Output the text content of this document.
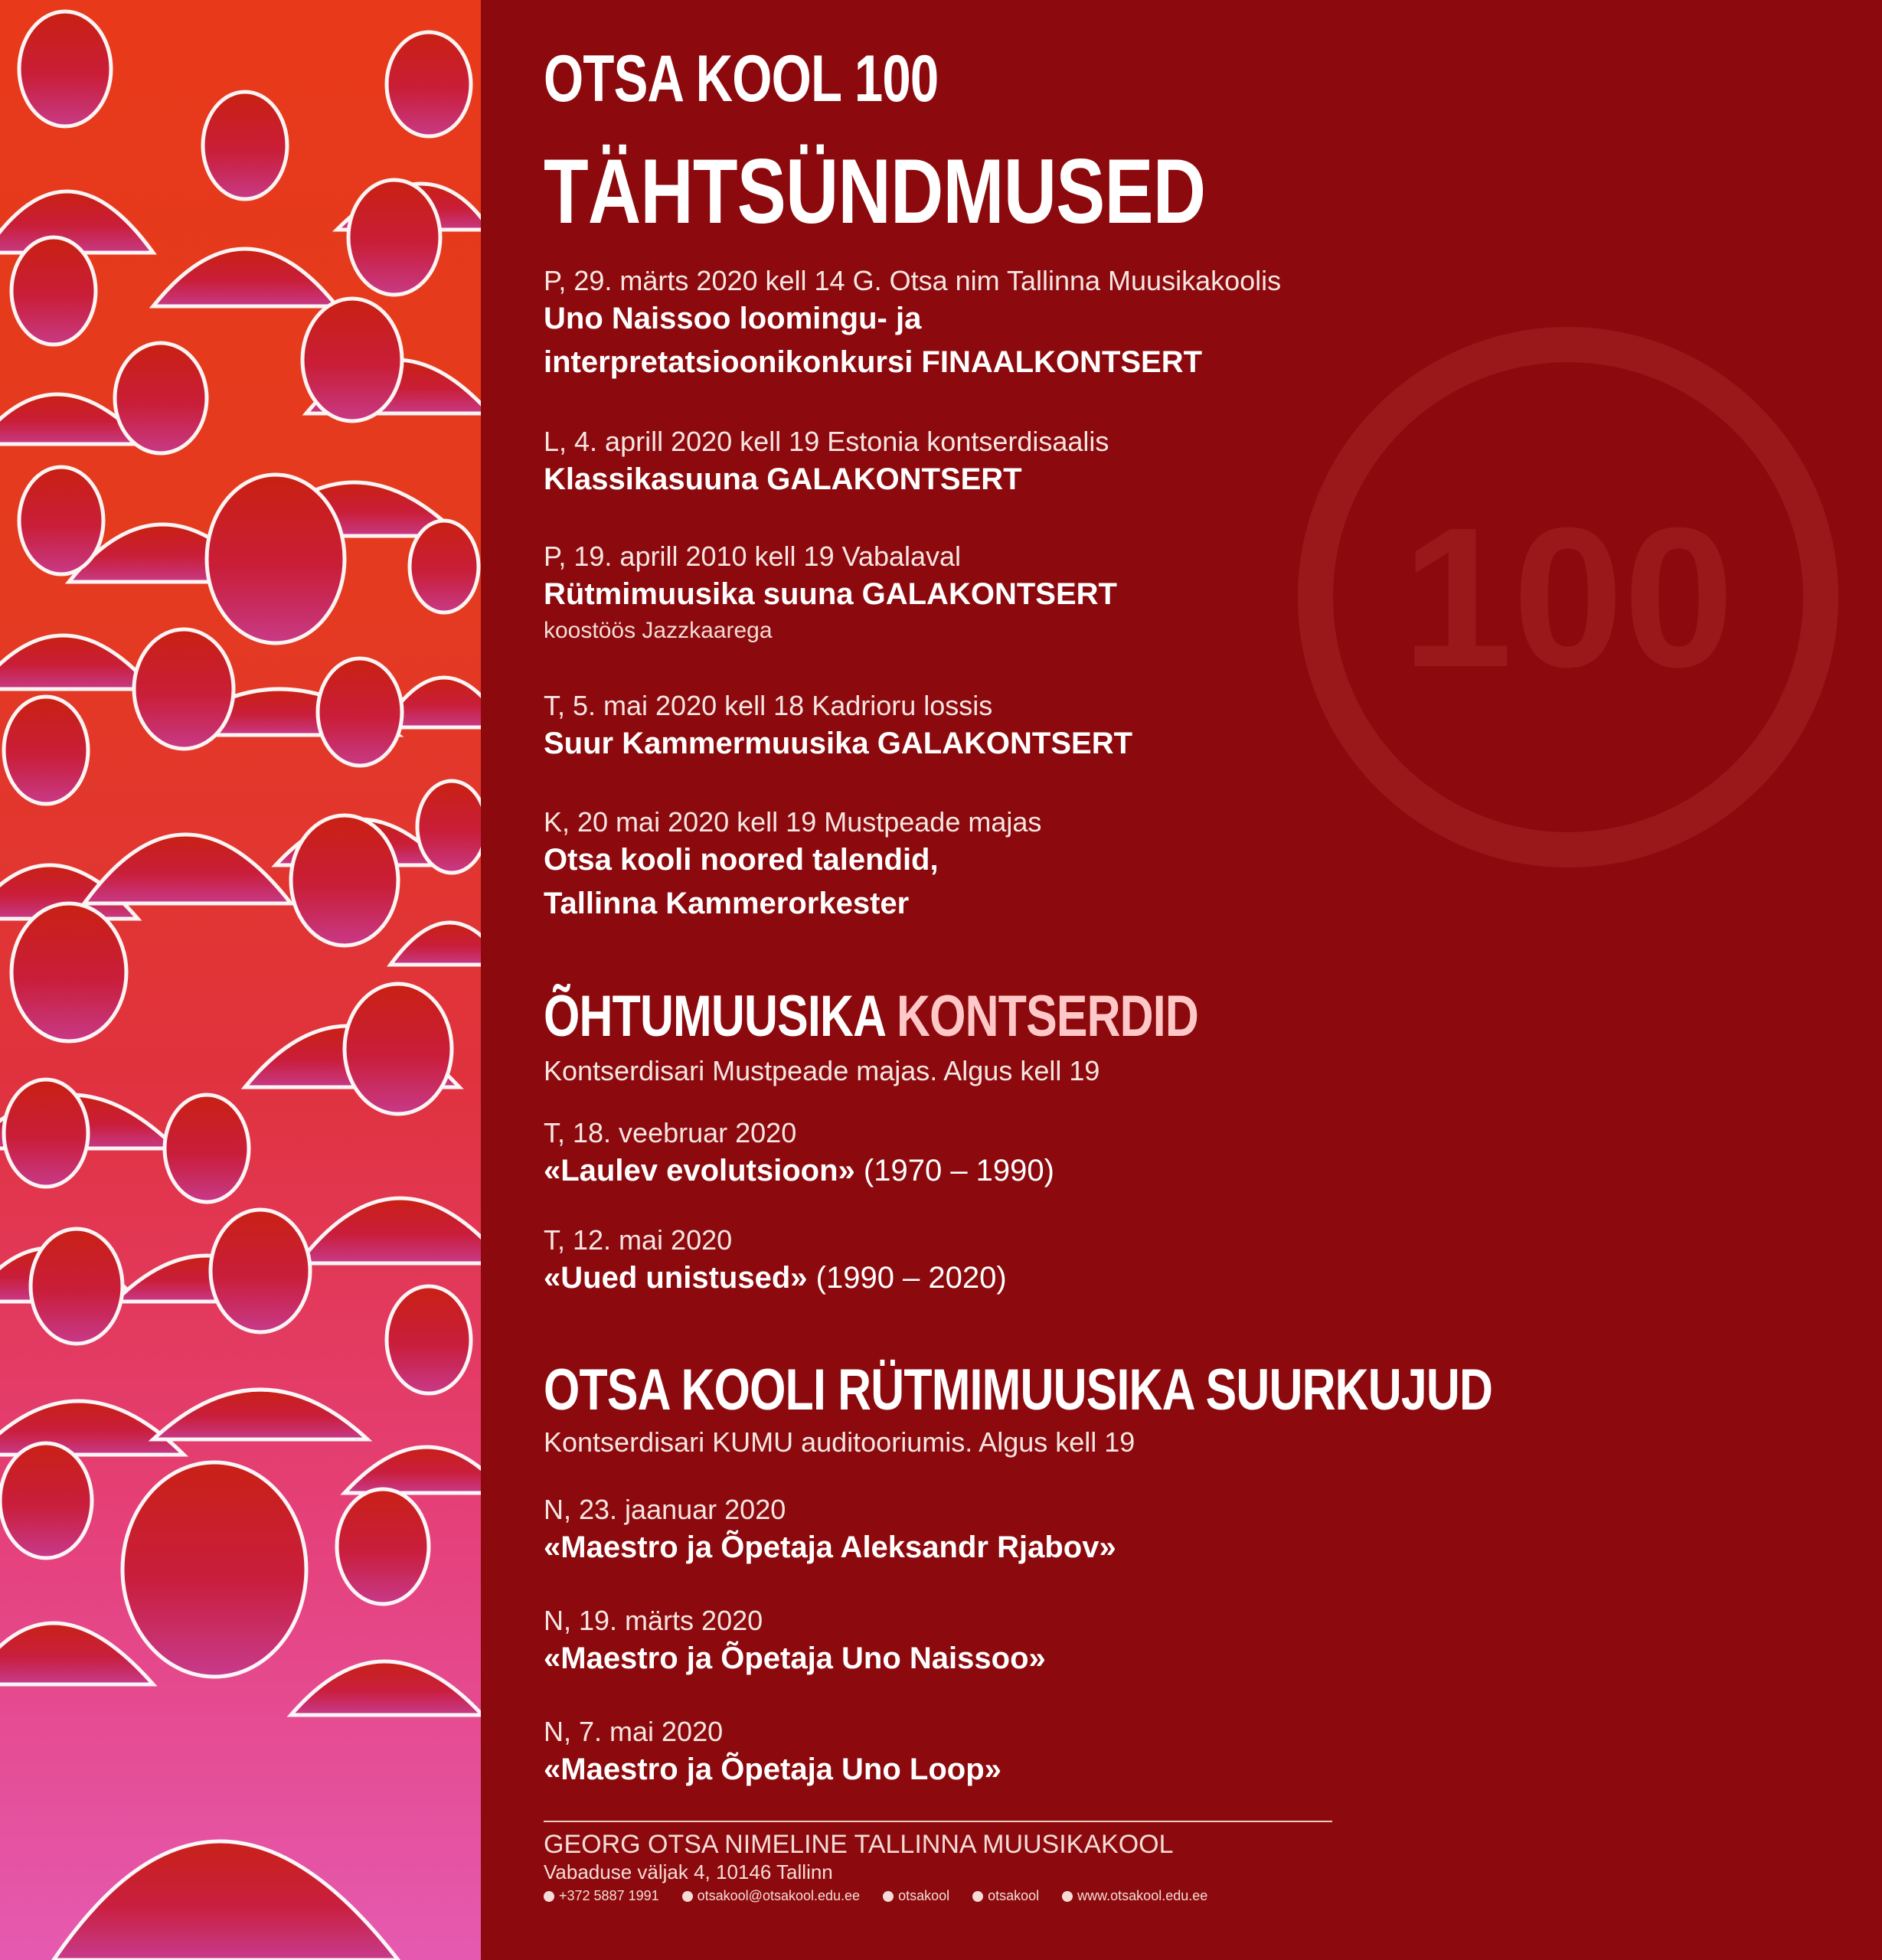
100
OTSA KOOL 100
TÄHTSÜNDMUSED
P, 29. märts 2020 kell 14 G. Otsa nim Tallinna Muusikakoolis
Uno Naissoo loomingu- ja
interpretatsioonikonkursi FINAALKONTSERT
L, 4. aprill 2020 kell 19 Estonia kontserdisaalis
Klassikasuuna GALAKONTSERT
P, 19. aprill 2010 kell 19 Vabalaval
Rütmimuusika suuna GALAKONTSERT
koostöös Jazzkaarega
T, 5. mai 2020 kell 18 Kadrioru lossis
Suur Kammermuusika GALAKONTSERT
K, 20 mai 2020 kell 19 Mustpeade majas
Otsa kooli noored talendid,
Tallinna Kammerorkester
ÕHTUMUUSIKA KONTSERDID
Kontserdisari Mustpeade majas. Algus kell 19
T, 18. veebruar 2020
«Laulev evolutsioon» (1970 – 1990)
T, 12. mai 2020
«Uued unistused» (1990 – 2020)
OTSA KOOLI RÜTMIMUUSIKA SUURKUJUD
Kontserdisari KUMU auditooriumis. Algus kell 19
N, 23. jaanuar 2020
«Maestro ja Õpetaja Aleksandr Rjabov»
N, 19. märts 2020
«Maestro ja Õpetaja Uno Naissoo»
N, 7. mai 2020
«Maestro ja Õpetaja Uno Loop»
GEORG OTSA NIMELINE TALLINNA MUUSIKAKOOL
Vabaduse väljak 4, 10146 Tallinn
+372 5887 1991	otsakool@otsakool.edu.ee	otsakool	otsakool	www.otsakool.edu.ee
